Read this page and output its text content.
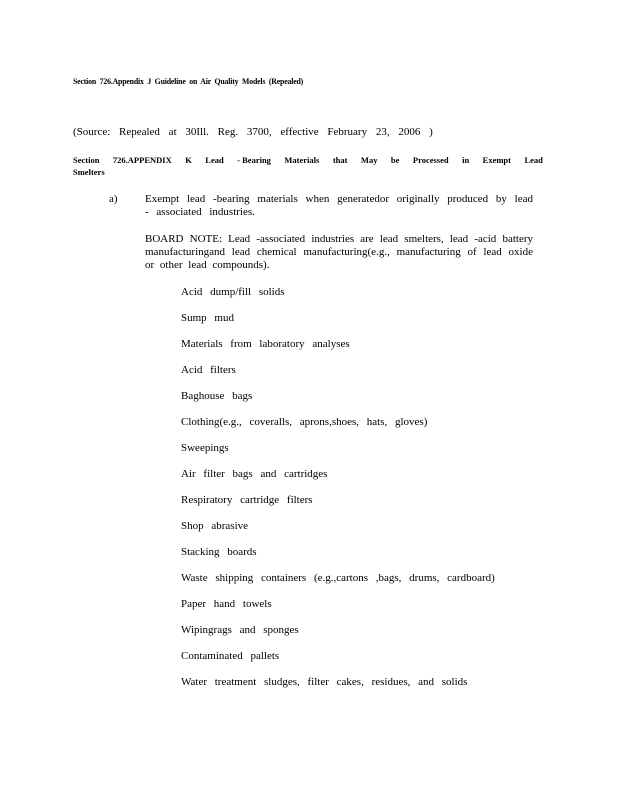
Section 726.Appendix J Guideline on Air Quality Models (Repealed)
(Source: Repealed at 30Ill. Reg. 3700, effective February 23, 2006 )
Section 726.APPENDIX K Lead - Bearing Materials that May be Processed in Exempt Lead
Smelters
a) Exempt lead -bearing materials when generatedor originally produced by lead - associated industries.
BOARD NOTE: Lead -associated industries are lead smelters, lead -acid battery manufacturingand lead chemical manufacturing(e.g., manufacturing of lead oxide or other lead compounds).
Acid dump/fill solids
Sump mud
Materials from laboratory analyses
Acid filters
Baghouse bags
Clothing(e.g., coveralls, aprons,shoes, hats, gloves)
Sweepings
Air filter bags and cartridges
Respiratory cartridge filters
Shop abrasive
Stacking boards
Waste shipping containers (e.g.,cartons ,bags, drums, cardboard)
Paper hand towels
Wipingrags and sponges
Contaminated pallets
Water treatment sludges, filter cakes, residues, and solids
